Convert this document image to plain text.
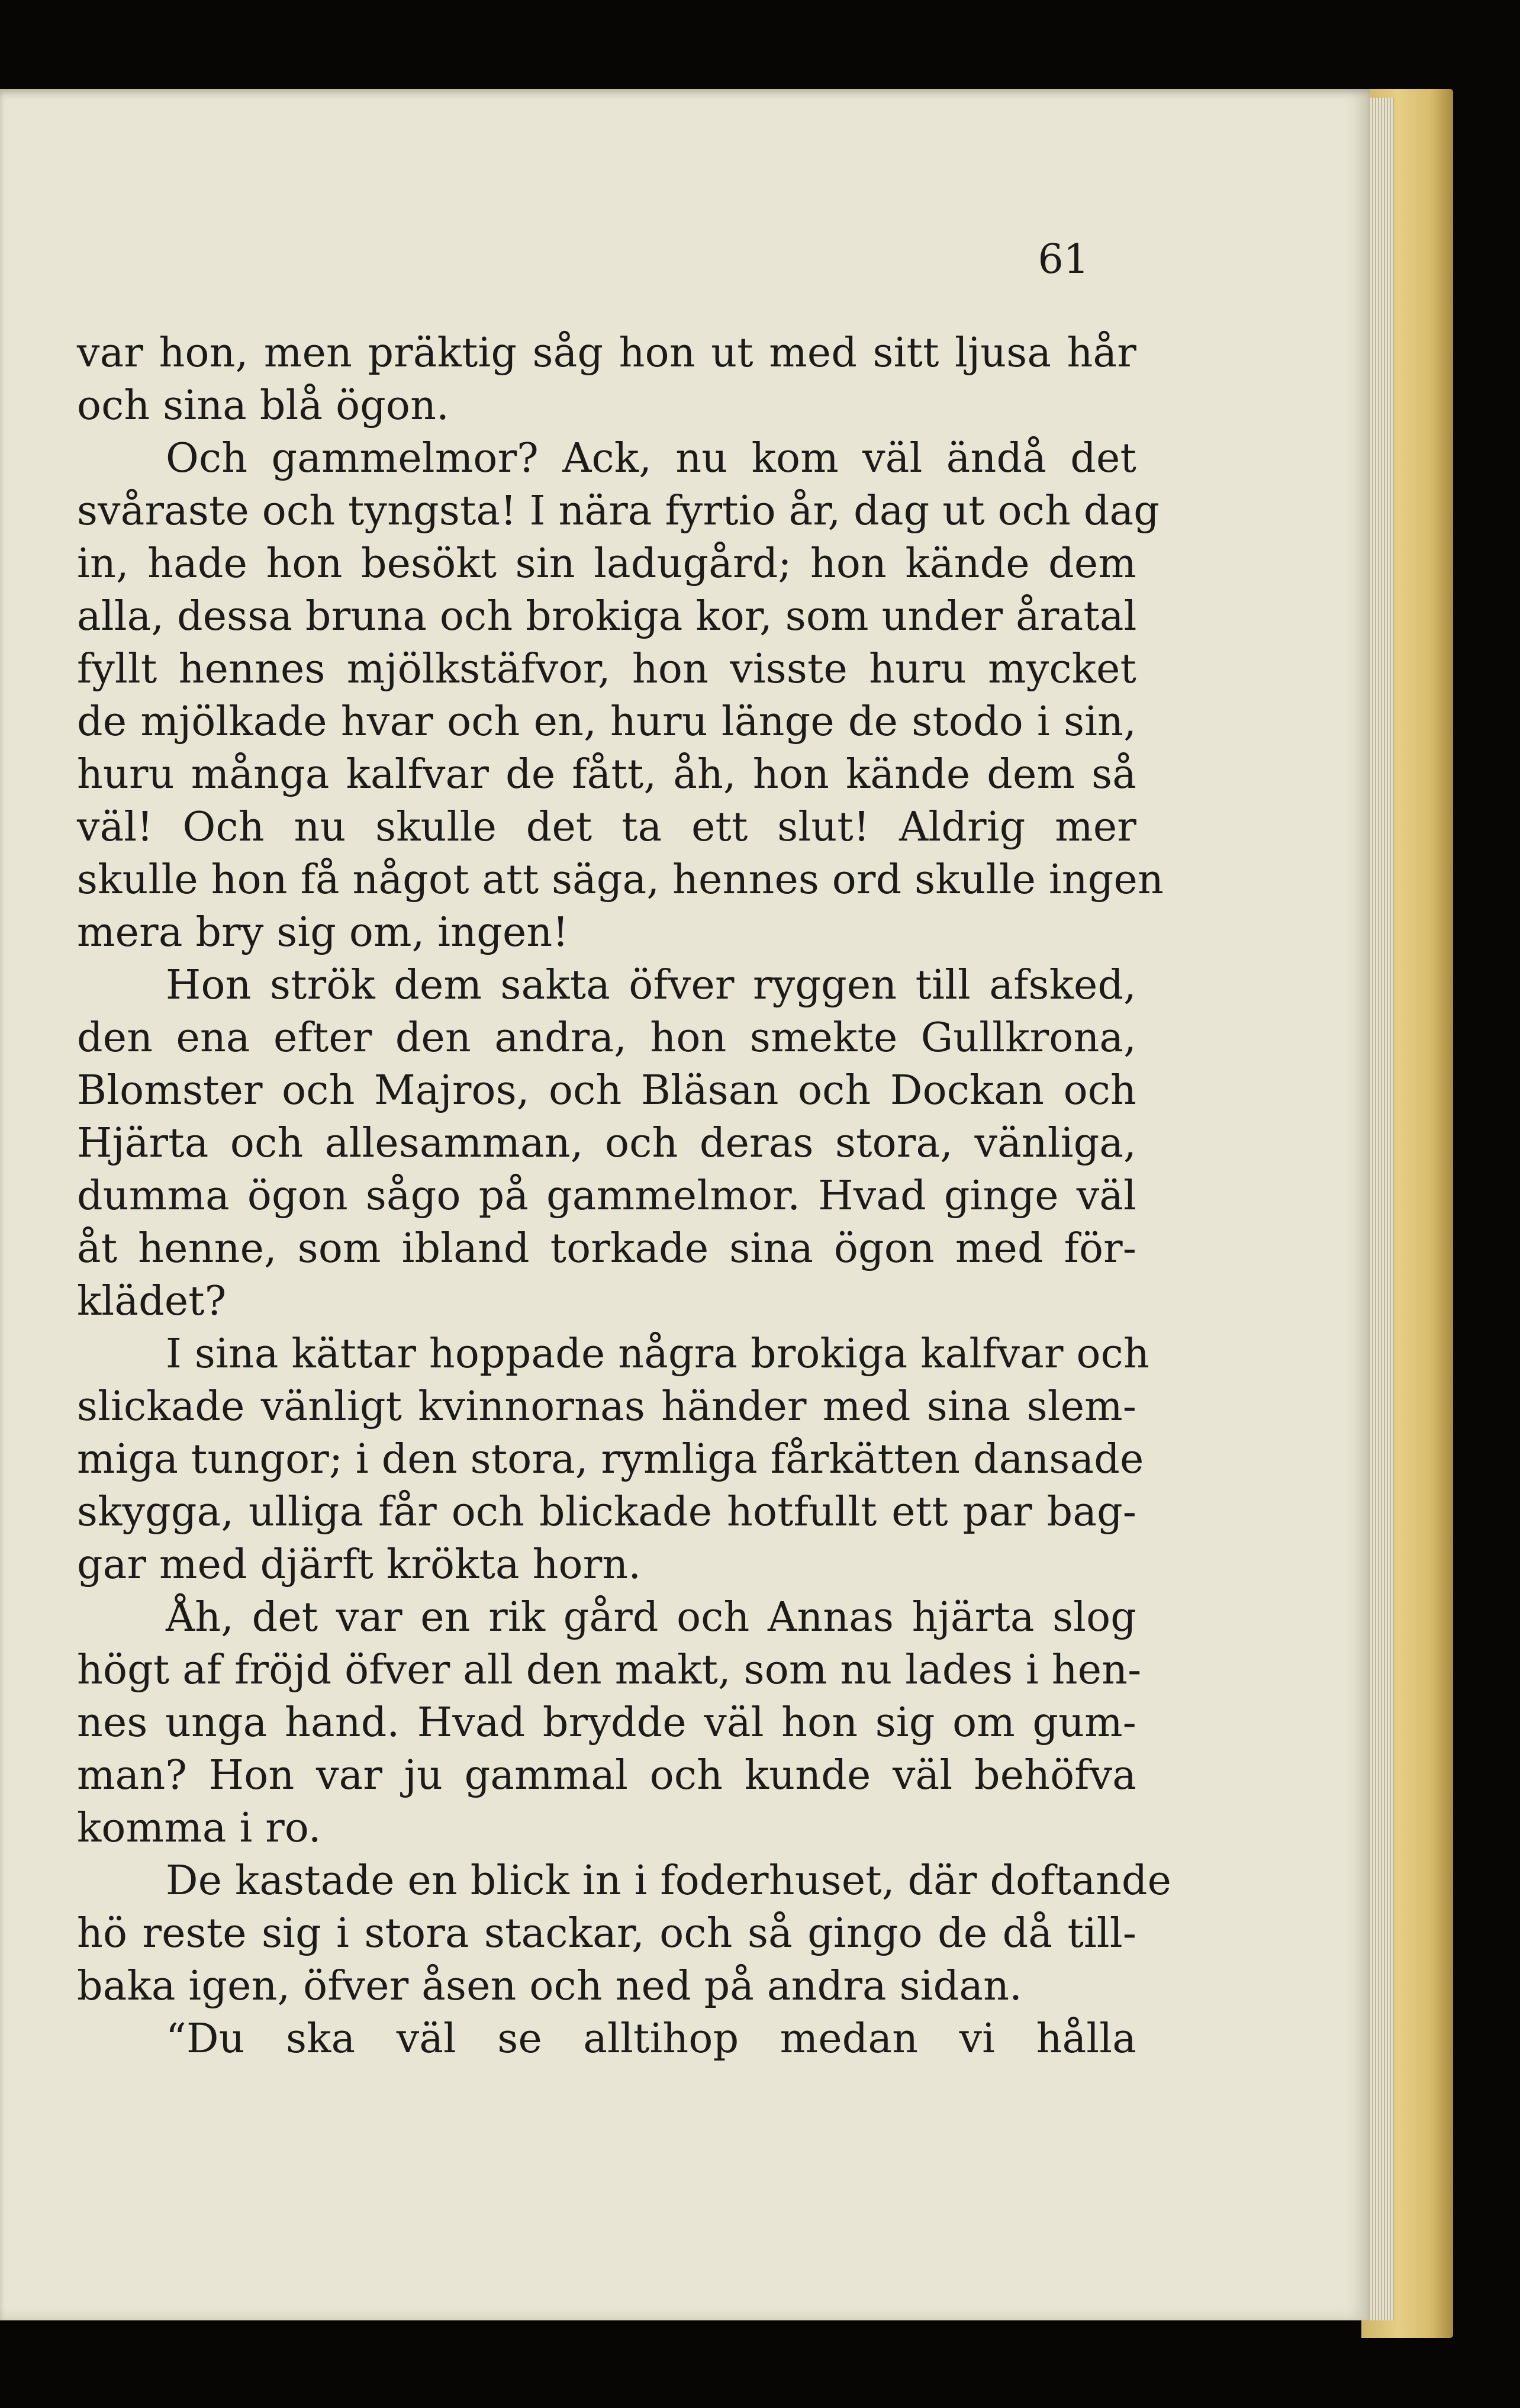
61
var hon, men präktig såg hon ut med sitt ljusa hår
och sina blå ögon.
Och gammelmor? Ack, nu kom väl ändå det
svåraste och tyngsta! I nära fyrtio år, dag ut och dag
in, hade hon besökt sin ladugård; hon kände dem
alla, dessa bruna och brokiga kor, som under åratal
fyllt hennes mjölkstäfvor, hon visste huru mycket
de mjölkade hvar och en, huru länge de stodo i sin,
huru många kalfvar de fått, åh, hon kände dem så
väl! Och nu skulle det ta ett slut! Aldrig mer
skulle hon få något att säga, hennes ord skulle ingen
mera bry sig om, ingen!
Hon strök dem sakta öfver ryggen till afsked,
den ena efter den andra, hon smekte Gullkrona,
Blomster och Majros, och Bläsan och Dockan och
Hjärta och allesamman, och deras stora, vänliga,
dumma ögon sågo på gammelmor. Hvad ginge väl
åt henne, som ibland torkade sina ögon med för-
klädet?
I sina kättar hoppade några brokiga kalfvar och
slickade vänligt kvinnornas händer med sina slem-
miga tungor; i den stora, rymliga fårkätten dansade
skygga, ulliga får och blickade hotfullt ett par bag-
gar med djärft krökta horn.
Åh, det var en rik gård och Annas hjärta slog
högt af fröjd öfver all den makt, som nu lades i hen-
nes unga hand. Hvad brydde väl hon sig om gum-
man? Hon var ju gammal och kunde väl behöfva
komma i ro.
De kastade en blick in i foderhuset, där doftande
hö reste sig i stora stackar, och så gingo de då till-
baka igen, öfver åsen och ned på andra sidan.
“Du ska väl se alltihop medan vi hålla
